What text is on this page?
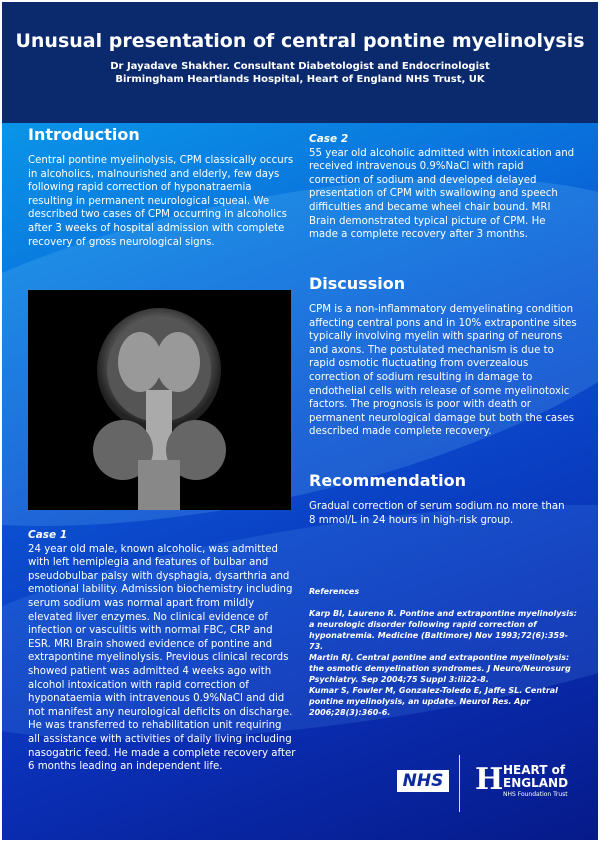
Unusual presentation of central pontine myelinolysis
Dr Jayadave Shakher. Consultant Diabetologist and Endocrinologist
Birmingham Heartlands Hospital, Heart of England NHS Trust, UK
Introduction
Central pontine myelinolysis, CPM classically occurs in alcoholics, malnourished and elderly, few days following rapid correction of hyponatraemia resulting in permanent neurological squeal. We described two cases of CPM occurring in alcoholics after 3 weeks of hospital admission with complete recovery of gross neurological signs.
Case 1
24 year old male, known alcoholic, was admitted with left hemiplegia and features of bulbar and pseudobulbar palsy with dysphagia, dysarthria and emotional lability. Admission biochemistry including serum sodium was normal apart from mildly elevated liver enzymes. No clinical evidence of infection or vasculitis with normal FBC, CRP and ESR. MRI Brain showed evidence of pontine and extrapontine myelinolysis. Previous clinical records showed patient was admitted 4 weeks ago with alcohol intoxication with rapid correction of hyponataemia with intravenous 0.9%NaCl and did not manifest any neurological deficits on discharge. He was transferred to rehabilitation unit requiring all assistance with activities of daily living including nasogatric feed. He made a complete recovery after 6 months leading an independent life.
Case 2
55 year old alcoholic admitted with intoxication and received intravenous 0.9%NaCl with rapid correction of sodium and developed delayed presentation of CPM with swallowing and speech difficulties and became wheel chair bound. MRI Brain demonstrated typical picture of CPM. He made a complete recovery after 3 months.
Discussion
CPM is a non-inflammatory demyelinating condition affecting central pons and in 10% extrapontine sites typically involving myelin with sparing of neurons and axons. The postulated mechanism is due to rapid osmotic fluctuating from overzealous correction of sodium resulting in damage to endothelial cells with release of some myelinotoxic factors. The prognosis is poor with death or permanent neurological damage but both the cases described made complete recovery.
Recommendation
Gradual correction of serum sodium no more than 8 mmol/L in 24 hours in high-risk group.
References
Karp BI, Laureno R. Pontine and extrapontine myelinolysis: a neurologic disorder following rapid correction of hyponatremia. Medicine (Baltimore) Nov 1993;72(6):359-73.
Martin RJ. Central pontine and extrapontine myelinolysis: the osmotic demyelination syndromes. J Neuro/Neurosurg Psychiatry. Sep 2004;75 Suppl 3:iii22-8.
Kumar S, Fowler M, Gonzalez-Toledo E, Jaffe SL. Central pontine myelinolysis, an update. Neurol Res. Apr 2006;28(3):360-6.
NHS H HEART of
ENGLAND
NHS Foundation Trust
